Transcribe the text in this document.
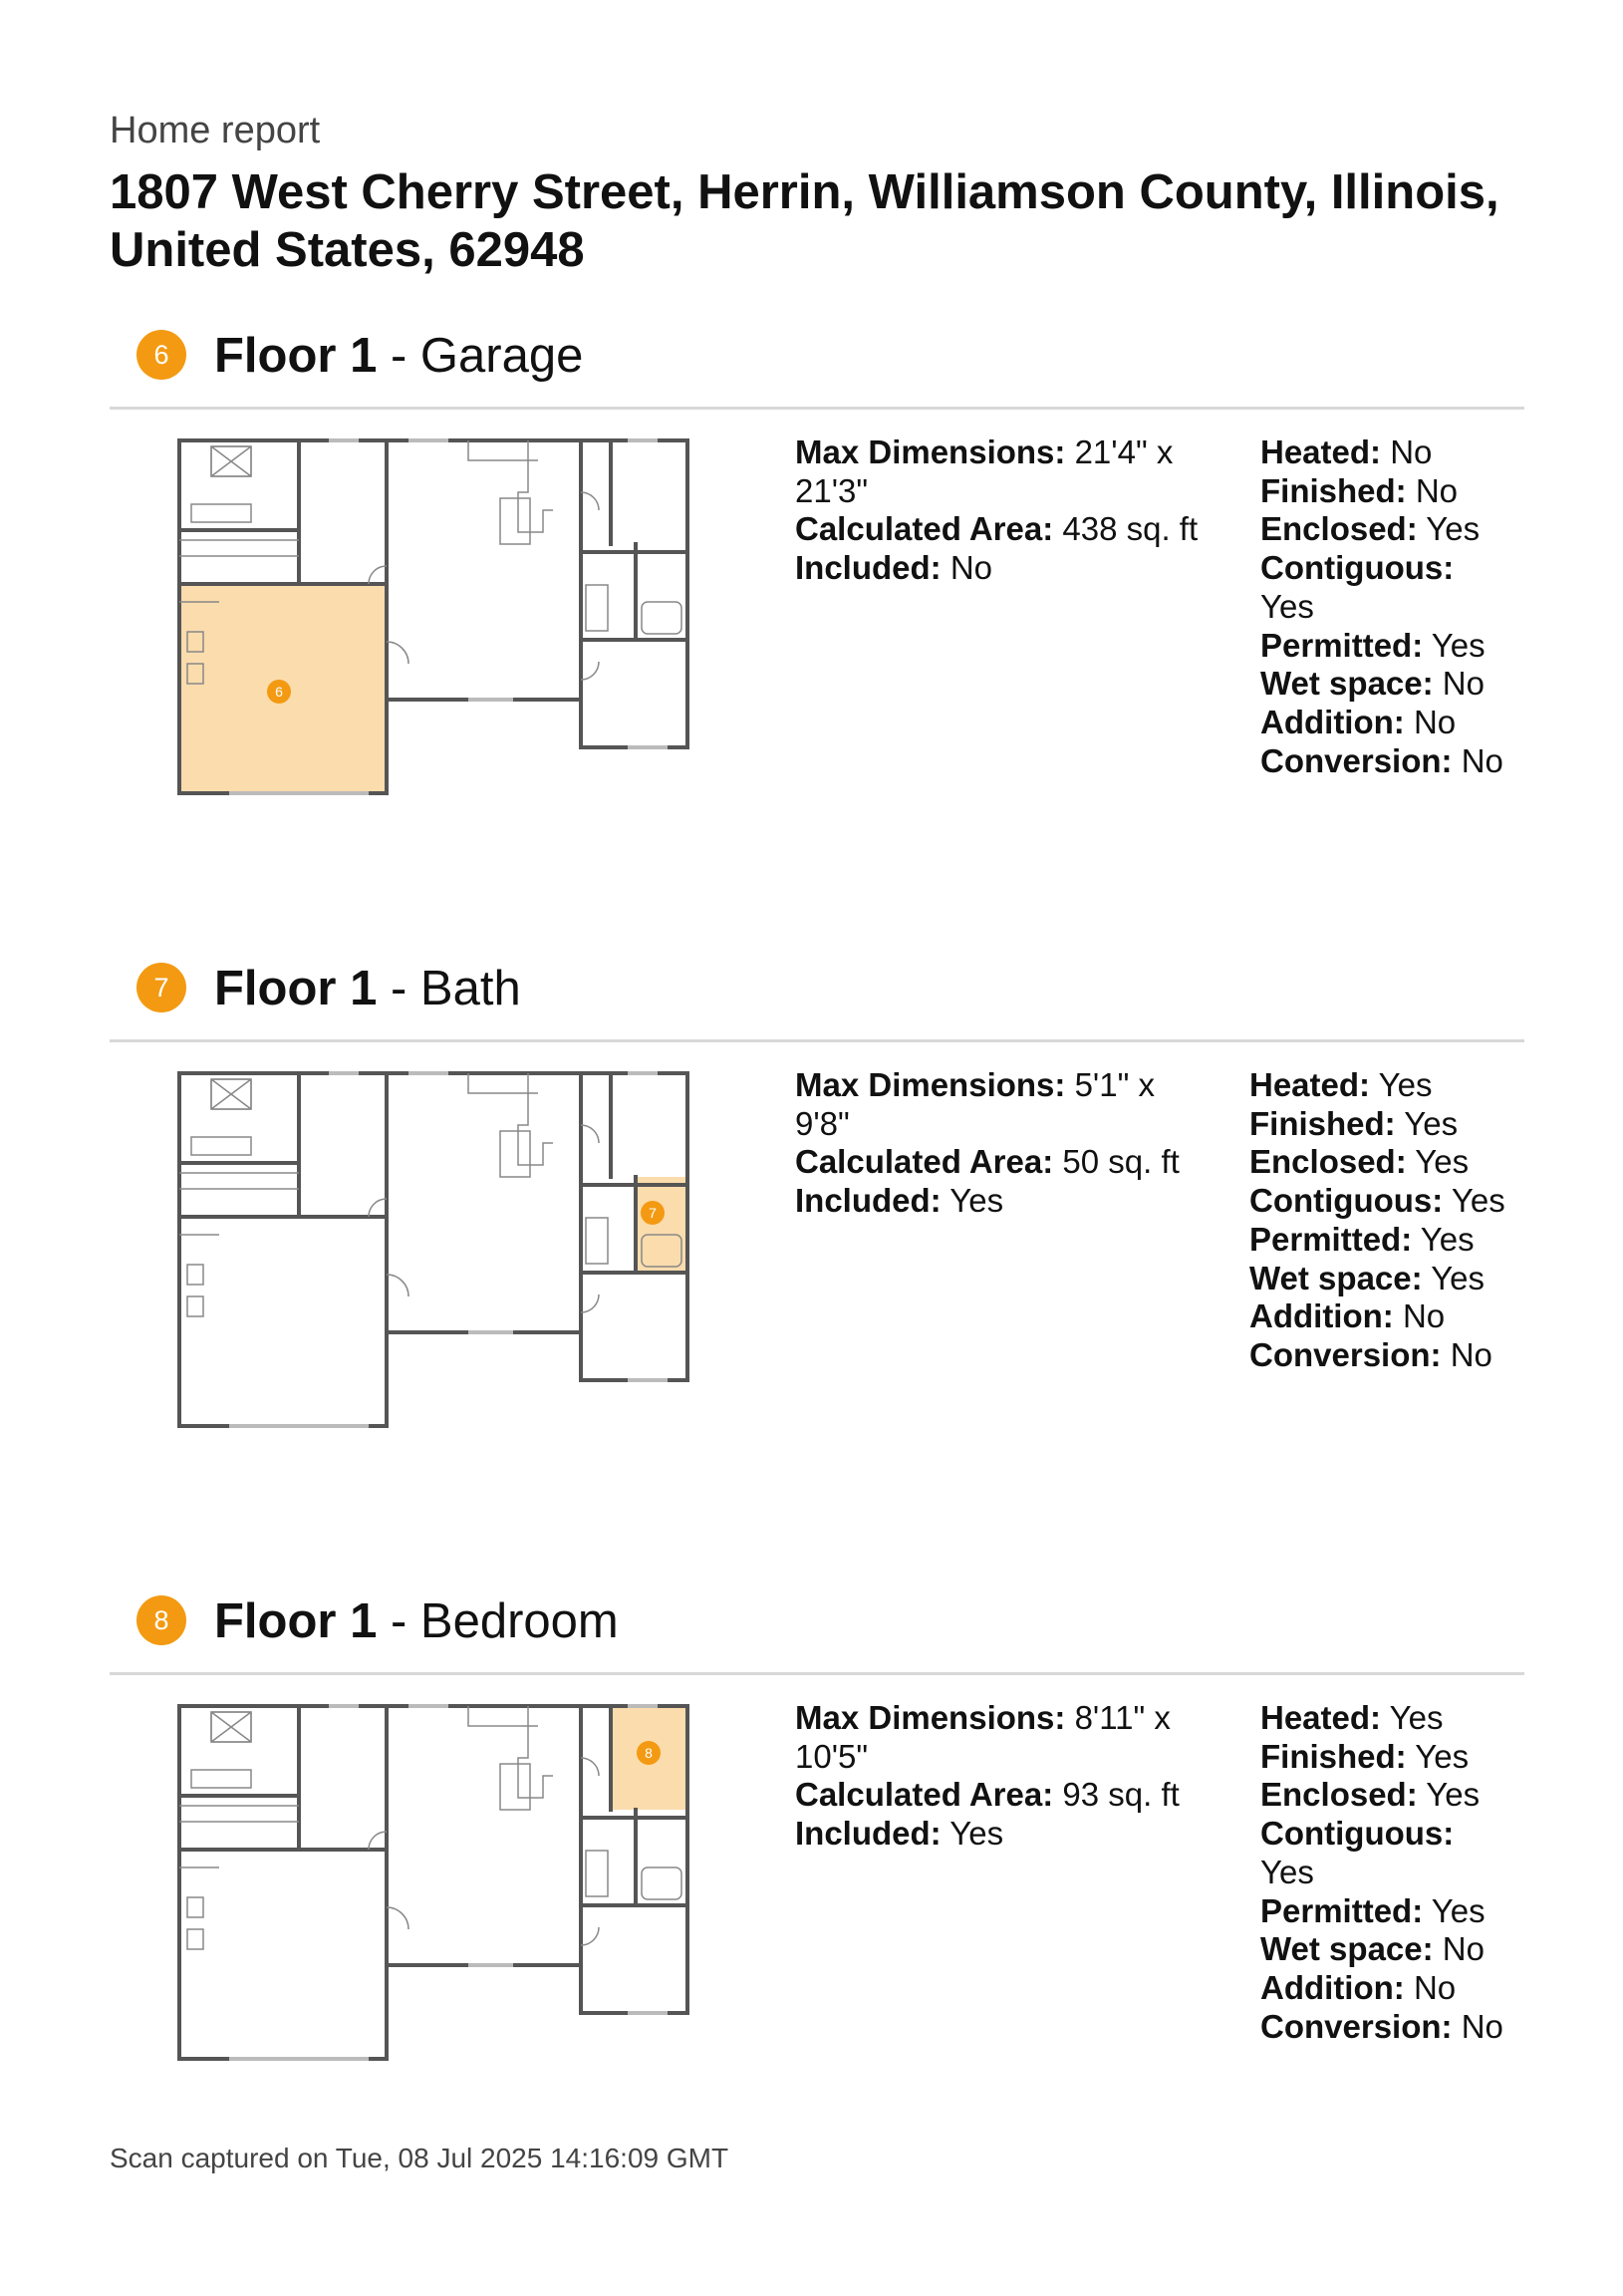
Home report
1807 West Cherry Street, Herrin, Williamson County, Illinois, United States, 62948
6 Floor 1 - Garage
6
Max Dimensions: 21'4" x 21'3"
Calculated Area: 438 sq. ft
Included: No
Heated: No
Finished: No
Enclosed: Yes
Contiguous: Yes
Permitted: Yes
Wet space: No
Addition: No
Conversion: No
7 Floor 1 - Bath
7
Max Dimensions: 5'1" x 9'8"
Calculated Area: 50 sq. ft
Included: Yes
Heated: Yes
Finished: Yes
Enclosed: Yes
Contiguous: Yes
Permitted: Yes
Wet space: Yes
Addition: No
Conversion: No
8 Floor 1 - Bedroom
8
Max Dimensions: 8'11" x 10'5"
Calculated Area: 93 sq. ft
Included: Yes
Heated: Yes
Finished: Yes
Enclosed: Yes
Contiguous: Yes
Permitted: Yes
Wet space: No
Addition: No
Conversion: No
Scan captured on Tue, 08 Jul 2025 14:16:09 GMT
